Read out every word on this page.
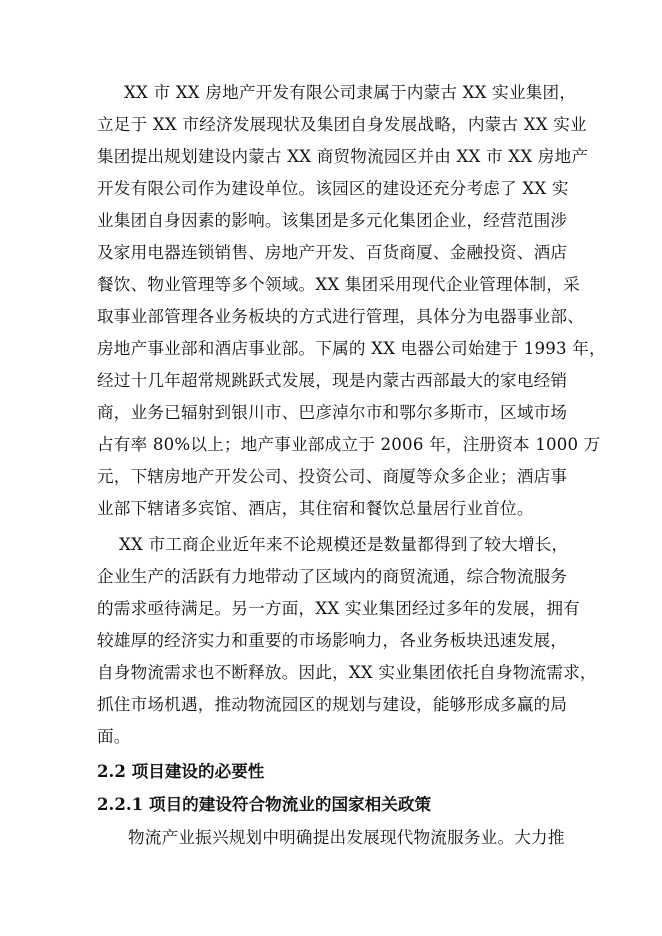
XX 市 XX 房地产开发有限公司隶属于内蒙古 XX 实业集团，

立足于 XX 市经济发展现状及集团自身发展战略，内蒙古 XX 实业

集团提出规划建设内蒙古 XX 商贸物流园区并由 XX 市 XX 房地产

开发有限公司作为建设单位。该园区的建设还充分考虑了 XX 实

业集团自身因素的影响。该集团是多元化集团企业，经营范围涉

及家用电器连锁销售、房地产开发、百货商厦、金融投资、酒店

餐饮、物业管理等多个领域。XX 集团采用现代企业管理体制，采

取事业部管理各业务板块的方式进行管理，具体分为电器事业部、

房地产事业部和酒店事业部。下属的 XX 电器公司始建于 1993 年，

经过十几年超常规跳跃式发展，现是内蒙古西部最大的家电经销

商，业务已辐射到银川市、巴彦淖尔市和鄂尔多斯市，区域市场

占有率 80%以上；地产事业部成立于 2006 年，注册资本 1000 万

元，下辖房地产开发公司、投资公司、商厦等众多企业；酒店事

业部下辖诸多宾馆、酒店，其住宿和餐饮总量居行业首位。

XX 市工商企业近年来不论规模还是数量都得到了较大增长，

企业生产的活跃有力地带动了区域内的商贸流通，综合物流服务

的需求亟待满足。另一方面，XX 实业集团经过多年的发展，拥有

较雄厚的经济实力和重要的市场影响力，各业务板块迅速发展，

自身物流需求也不断释放。因此，XX 实业集团依托自身物流需求，

抓住市场机遇，推动物流园区的规划与建设，能够形成多赢的局

面。

2.2 项目建设的必要性
2.2.1 项目的建设符合物流业的国家相关政策

物流产业振兴规划中明确提出发展现代物流服务业。大力推
